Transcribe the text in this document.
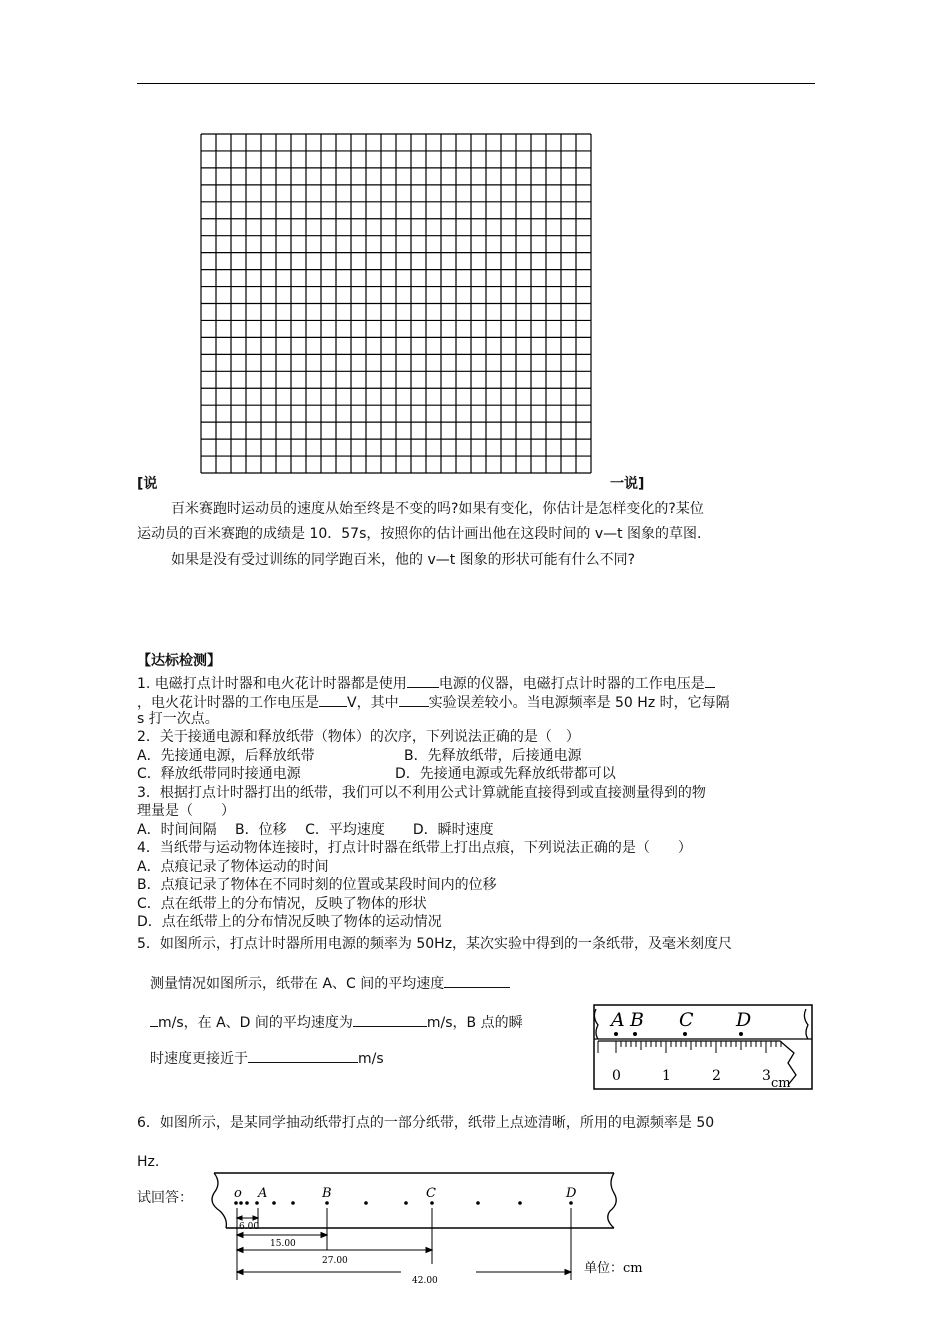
[说	一说]
百米赛跑时运动员的速度从始至终是不变的吗?如果有变化，你估计是怎样变化的?某位
运动员的百米赛跑的成绩是 10．57s，按照你的估计画出他在这段时间的 v—t 图象的草图.
如果是没有受过训练的同学跑百米，他的 v—t 图象的形状可能有什么不同?
【达标检测】
1. 电磁打点计时器和电火花计时器都是使用 电源的仪器，电磁打点计时器的工作电压是
，电火花计时器的工作电压是 V，其中 实验误差较小。当电源频率是 50 Hz 时，它每隔
s 打一次点。
2．关于接通电源和释放纸带（物体）的次序，下列说法正确的是（　）
A．先接通电源，后释放纸带	B．先释放纸带，后接通电源
C．释放纸带同时接通电源	D．先接通电源或先释放纸带都可以
3．根据打点计时器打出的纸带，我们可以不利用公式计算就能直接得到或直接测量得到的物
理量是（　　）
A．时间间隔　 B．位移　 C．平均速度　　D．瞬时速度
4．当纸带与运动物体连接时，打点计时器在纸带上打出点痕，下列说法正确的是（　　）
A．点痕记录了物体运动的时间
B．点痕记录了物体在不同时刻的位置或某段时间内的位移
C．点在纸带上的分布情况，反映了物体的形状
D．点在纸带上的分布情况反映了物体的运动情况
5．如图所示，打点计时器所用电源的频率为 50Hz，某次实验中得到的一条纸带，及毫米刻度尺
测量情况如图所示，纸带在 A、C 间的平均速度
m/s，在 A、D 间的平均速度为	m/s，B 点的瞬
时速度更接近于	m/s
A B C D
0	1	2	3 cm
6．如图所示，是某同学抽动纸带打点的一部分纸带，纸带上点迹清晰，所用的电源频率是 50
Hz.
试回答：	o A	B	C	D
6.00
15.00
27.00
42.00
单位：cm
